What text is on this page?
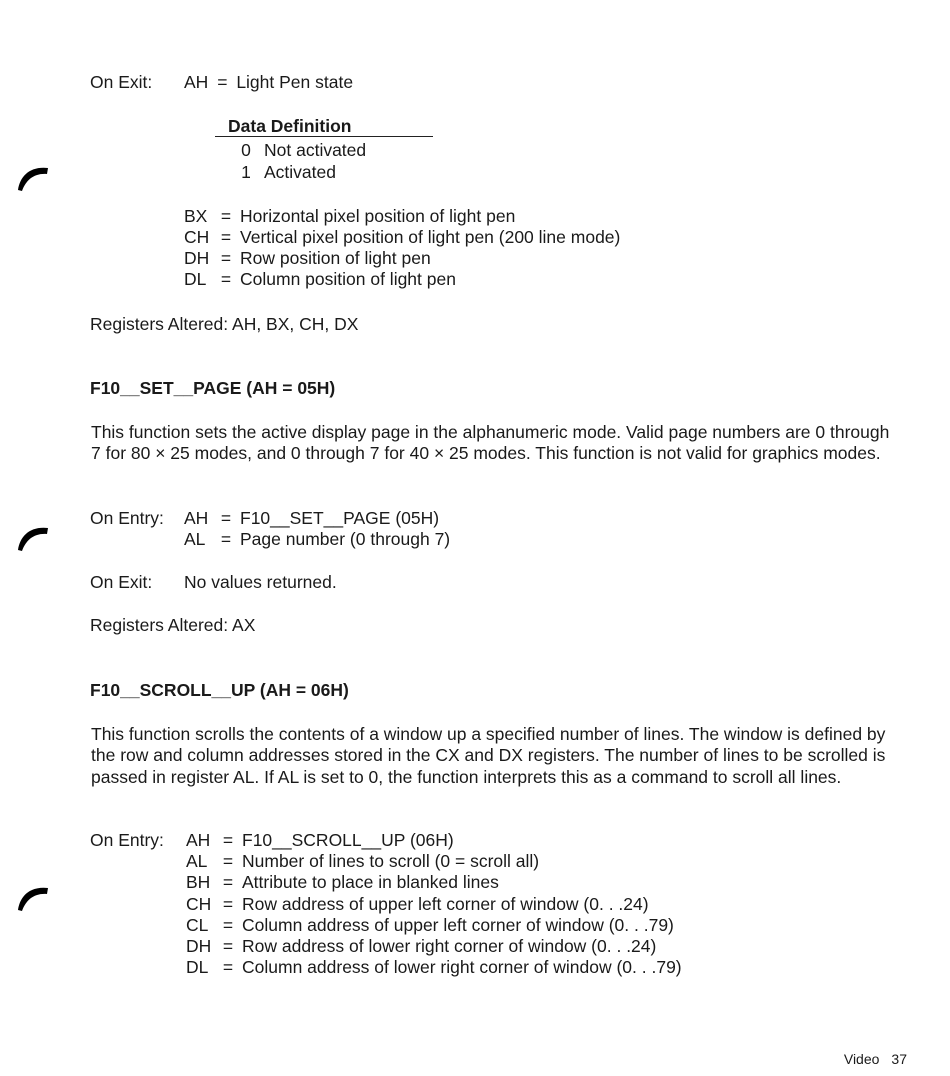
On Exit: AH = Light Pen state
Data Definition
0 Not activated
1 Activated
BX = Horizontal pixel position of light pen
CH = Vertical pixel position of light pen (200 line mode)
DH = Row position of light pen
DL = Column position of light pen
Registers Altered: AH, BX, CH, DX
F10__SET__PAGE (AH = 05H)
This function sets the active display page in the alphanumeric mode. Valid page numbers are 0 through 7 for 80 × 25 modes, and 0 through 7 for 40 × 25 modes. This function is not valid for graphics modes.
On Entry: AH = F10__SET__PAGE (05H)
AL = Page number (0 through 7)
On Exit: No values returned.
Registers Altered: AX
F10__SCROLL__UP (AH = 06H)
This function scrolls the contents of a window up a specified number of lines. The window is defined by the row and column addresses stored in the CX and DX registers. The number of lines to be scrolled is passed in register AL. If AL is set to 0, the function interprets this as a command to scroll all lines.
On Entry: AH = F10__SCROLL__UP (06H)
AL = Number of lines to scroll (0 = scroll all)
BH = Attribute to place in blanked lines
CH = Row address of upper left corner of window (0. . .24)
CL = Column address of upper left corner of window (0. . .79)
DH = Row address of lower right corner of window (0. . .24)
DL = Column address of lower right corner of window (0. . .79)
Video 37
